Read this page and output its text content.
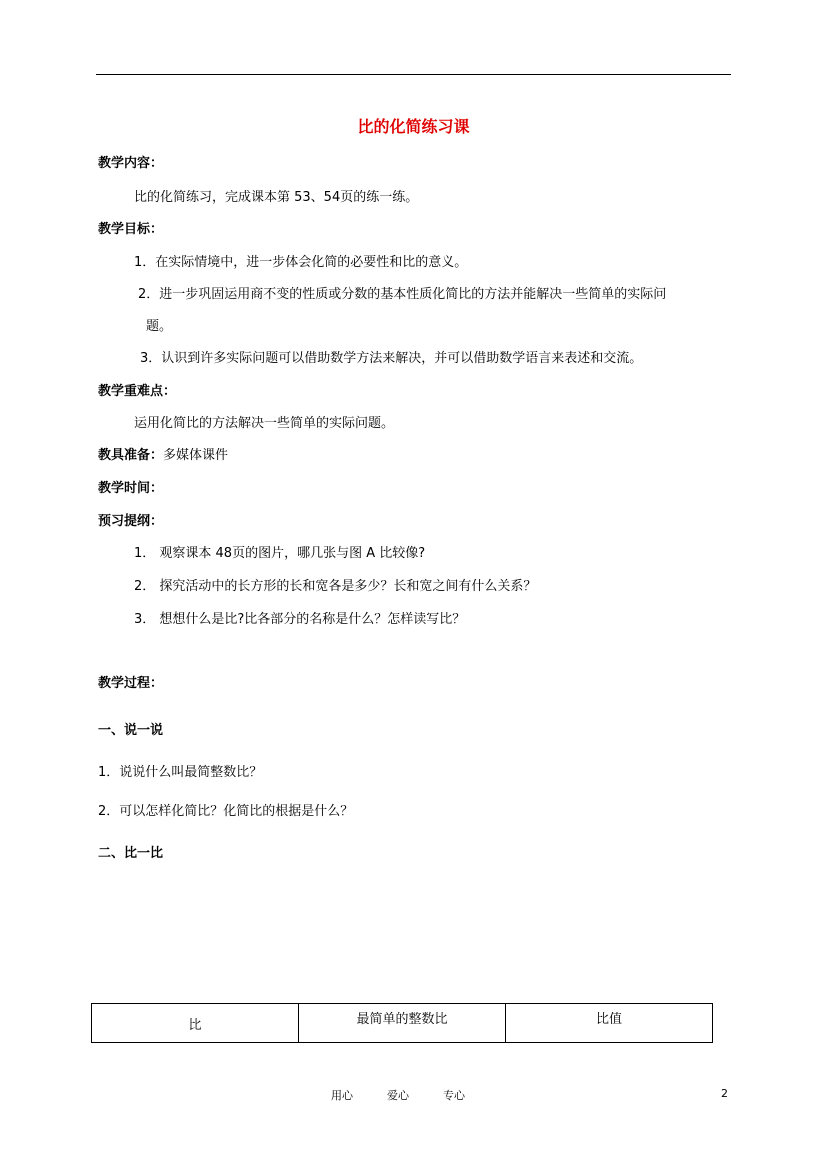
比的化简练习课
教学内容：
比的化简练习，完成课本第 53、54页的练一练。
教学目标：
1．在实际情境中，进一步体会化简的必要性和比的意义。
2．进一步巩固运用商不变的性质或分数的基本性质化简比的方法并能解决一些简单的实际问
题。
3．认识到许多实际问题可以借助数学方法来解决，并可以借助数学语言来表述和交流。
教学重难点：
运用化简比的方法解决一些简单的实际问题。
教具准备：多媒体课件
教学时间：
预习提纲：
1． 观察课本 48页的图片，哪几张与图 A 比较像?
2． 探究活动中的长方形的长和宽各是多少？长和宽之间有什么关系？
3． 想想什么是比?比各部分的名称是什么？怎样读写比？
教学过程：
一、说一说
1．说说什么叫最简整数比？
2．可以怎样化简比？化简比的根据是什么？
二、比一比
比	最简单的整数比	比值
用心	爱心	专心	2
